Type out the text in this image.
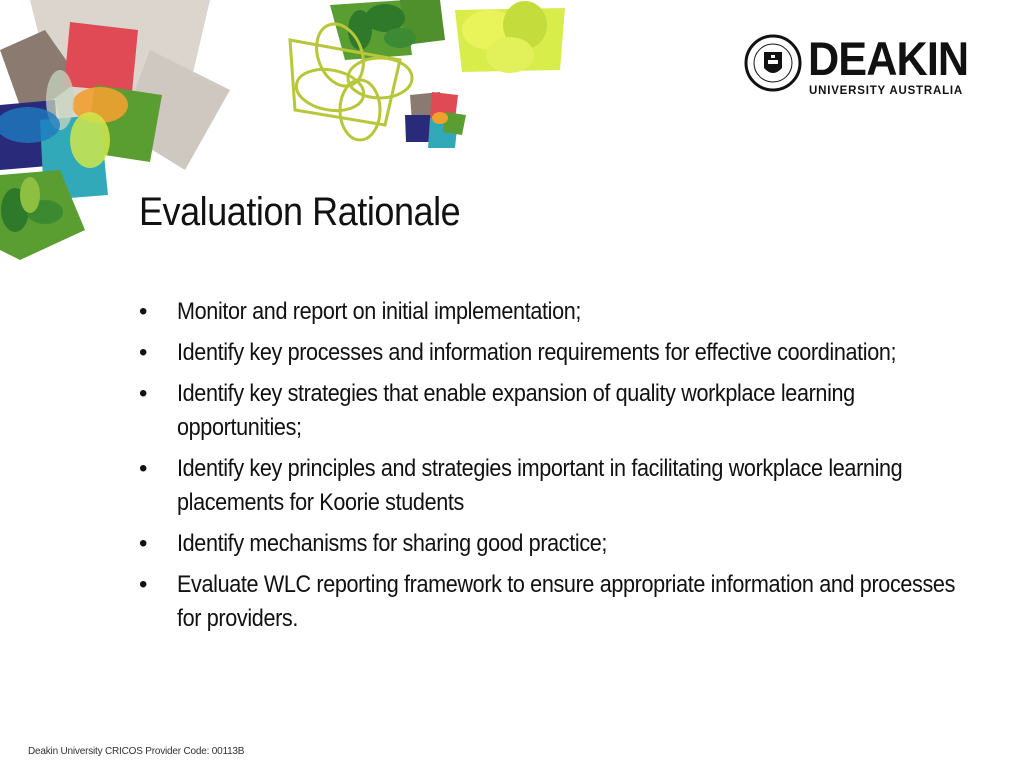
DEAKIN
UNIVERSITY AUSTRALIA
Evaluation Rationale
• Monitor and report on initial implementation;
• Identify key processes and information requirements for effective coordination;
• Identify key strategies that enable expansion of quality workplace learning opportunities;
• Identify key principles and strategies important in facilitating workplace learning placements for Koorie students
• Identify mechanisms for sharing good practice;
• Evaluate WLC reporting framework to ensure appropriate information and processes for providers.
Deakin University CRICOS Provider Code: 00113B
